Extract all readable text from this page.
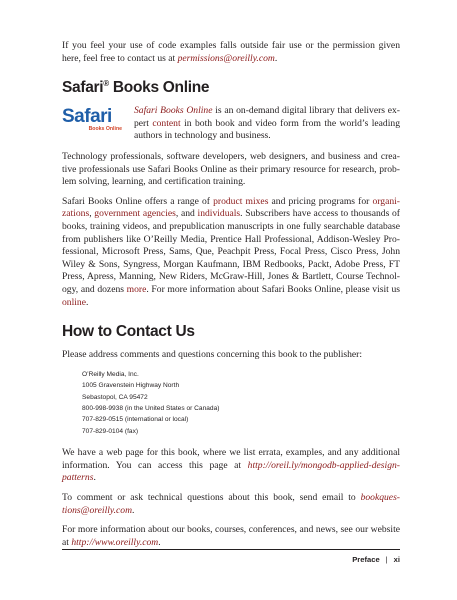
If you feel your use of code examples falls outside fair use or the permission given here, feel free to contact us at permissions@oreilly.com.

Safari® Books Online
Safari
Books Online

Safari Books Online is an on-demand digital library that delivers expert content in both book and video form from the world’s leading authors in technology and business.

Technology professionals, software developers, web designers, and business and creative professionals use Safari Books Online as their primary resource for research, problem solving, learning, and certification training.

Safari Books Online offers a range of product mixes and pricing programs for organizations, government agencies, and individuals. Subscribers have access to thousands of books, training videos, and prepublication manuscripts in one fully searchable database from publishers like O’Reilly Media, Prentice Hall Professional, Addison-Wesley Professional, Microsoft Press, Sams, Que, Peachpit Press, Focal Press, Cisco Press, John Wiley & Sons, Syngress, Morgan Kaufmann, IBM Redbooks, Packt, Adobe Press, FT Press, Apress, Manning, New Riders, McGraw-Hill, Jones & Bartlett, Course Technology, and dozens more. For more information about Safari Books Online, please visit us online.

How to Contact Us

Please address comments and questions concerning this book to the publisher:

O’Reilly Media, Inc.
1005 Gravenstein Highway North
Sebastopol, CA 95472
800-998-9938 (in the United States or Canada)
707-829-0515 (international or local)
707-829-0104 (fax)

We have a web page for this book, where we list errata, examples, and any additional information. You can access this page at http://oreil.ly/mongodb-applied-design-patterns.

To comment or ask technical questions about this book, send email to bookquestions@oreilly.com.

For more information about our books, courses, conferences, and news, see our website at http://www.oreilly.com.

Preface | xi
